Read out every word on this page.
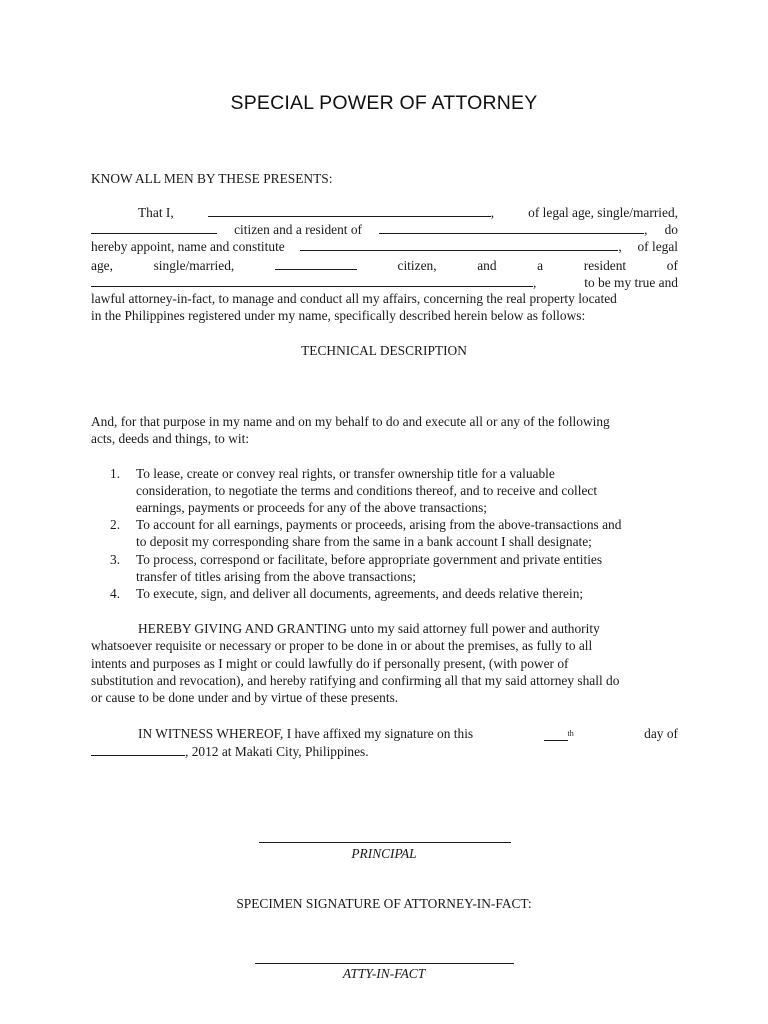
SPECIAL POWER OF ATTORNEY
KNOW ALL MEN BY THESE PRESENTS:
That I,	,	of legal age, single/married,
citizen and a resident of	, do
hereby appoint, name and constitute	, of legal
age,	single/married,	citizen,	and	a	resident	of
,	to be my true and
lawful attorney-in-fact, to manage and conduct all my affairs, concerning the real property located
in the Philippines registered under my name, specifically described herein below as follows:
TECHNICAL DESCRIPTION
And, for that purpose in my name and on my behalf to do and execute all or any of the following
acts, deeds and things, to wit:
1. To lease, create or convey real rights, or transfer ownership title for a valuable
consideration, to negotiate the terms and conditions thereof, and to receive and collect
earnings, payments or proceeds for any of the above transactions;
2. To account for all earnings, payments or proceeds, arising from the above-transactions and
to deposit my corresponding share from the same in a bank account I shall designate;
3. To process, correspond or facilitate, before appropriate government and private entities
transfer of titles arising from the above transactions;
4. To execute, sign, and deliver all documents, agreements, and deeds relative therein;
HEREBY GIVING AND GRANTING unto my said attorney full power and authority
whatsoever requisite or necessary or proper to be done in or about the premises, as fully to all
intents and purposes as I might or could lawfully do if personally present, (with power of
substitution and revocation), and hereby ratifying and confirming all that my said attorney shall do
or cause to be done under and by virtue of these presents.
IN WITNESS WHEREOF, I have affixed my signature on this	$^{th}$	day of
, 2012 at Makati City, Philippines.
PRINCIPAL
SPECIMEN SIGNATURE OF ATTORNEY-IN-FACT:
ATTY-IN-FACT
